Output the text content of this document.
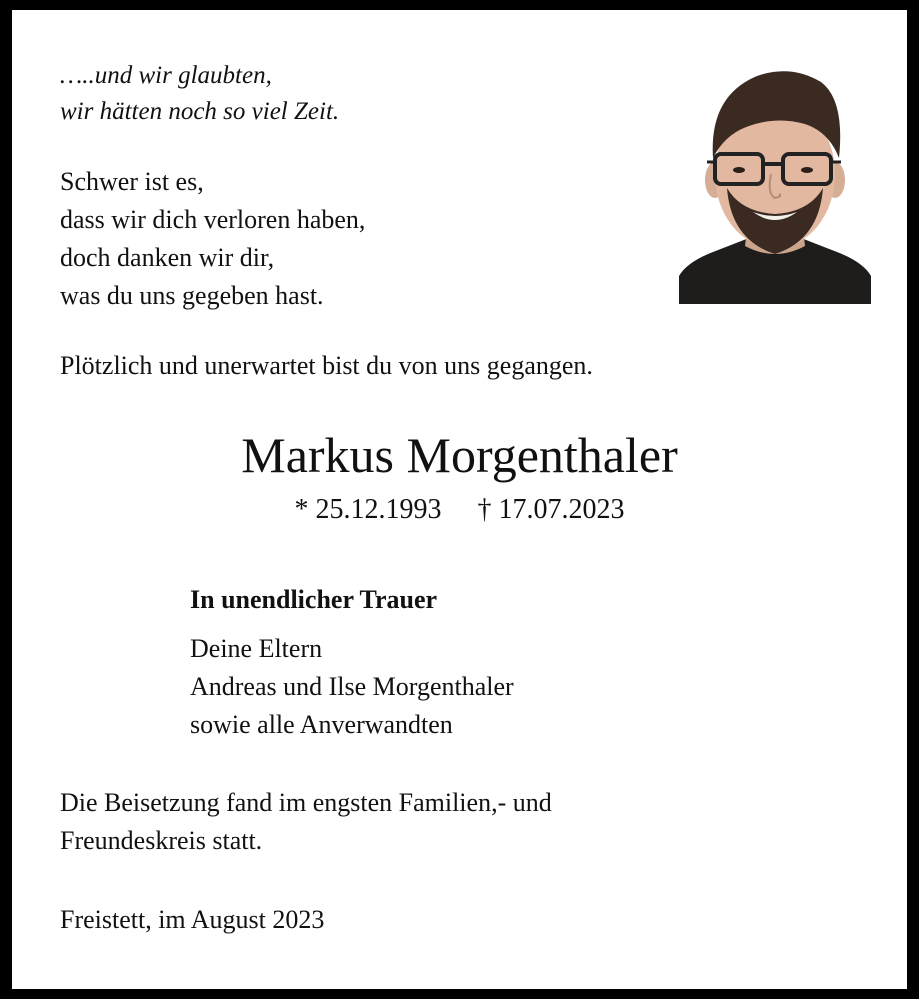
…..und wir glaubten,
wir hätten noch so viel Zeit.
Schwer ist es,
dass wir dich verloren haben,
doch danken wir dir,
was du uns gegeben hast.
Plötzlich und unerwartet bist du von uns gegangen.
Markus Morgenthaler
* 25.12.1993 † 17.07.2023
In unendlicher Trauer
Deine Eltern
Andreas und Ilse Morgenthaler
sowie alle Anverwandten
Die Beisetzung fand im engsten Familien,- und
Freundeskreis statt.
Freistett, im August 2023
